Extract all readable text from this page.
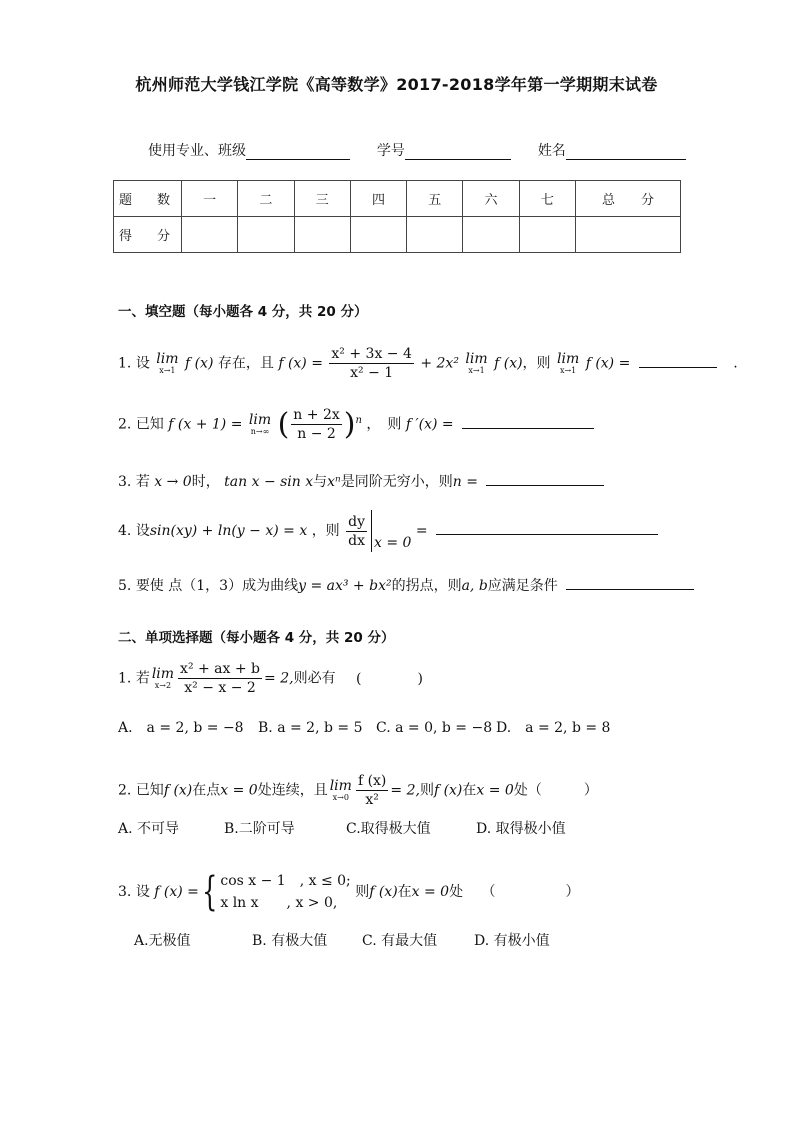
杭州师范大学钱江学院《高等数学》2017-2018学年第一学期期末试卷
使用专业、班级	学号	姓名
题　数	一	二	三	四	五	六	七	总　　分
得　分								
一、填空题（每小题各 4 分，共 20 分）
1. 设 lim
x→1 f (x) 存在，且 f $(x) = \frac{\text{x² + 3x − 4}}{\text{x² − 1}} + 2x^2$ lim
x→1 f (x)，则 lim
x→1 f (x) =	.
2. 已知 f (x + 1) = lim
n→∞ ( $\frac{n + 2x}{n - 2} )^n$ ，　则 f ′(x) =
3. 若 x → 0时， tan x − sin x与xⁿ是同阶无穷小，则n =
4. 设sin(xy) + ln(y − x) = x ，则 $\frac{dy}{dx}$ x = 0 =
5. 要使 点（1，3）成为曲线y = ax³ + bx²的拐点，则a, b应满足条件
二、单项选择题（每小题各 4 分，共 20 分）
1. 若 lim
$x\to 2 \frac{\text{x² + ax + b}}{\text{x² − x − 2}} = 2$,则必有 (　　　　)
A.　a = 2, b = −8 B. a = 2, b = 5 C. a = 0, b = −8 D.　a = 2, b = 8
2. 已知f (x)在点x = 0处连续，且 lim
$x\to 0 \frac{f (x)}{\text{x²}} = 2$,则f (x)在x = 0处（　　　）
A. 不可导	B.二阶可导	C.取得极大值	D. 取得极小值
3. 设 f (x) ={ cos x − 1　, x ≤ 0;
x ln x　　, x > 0,
则f (x)在x = 0处 （　　　　　）
A.无极值	B. 有极大值 C. 有最大值	D. 有极小值
